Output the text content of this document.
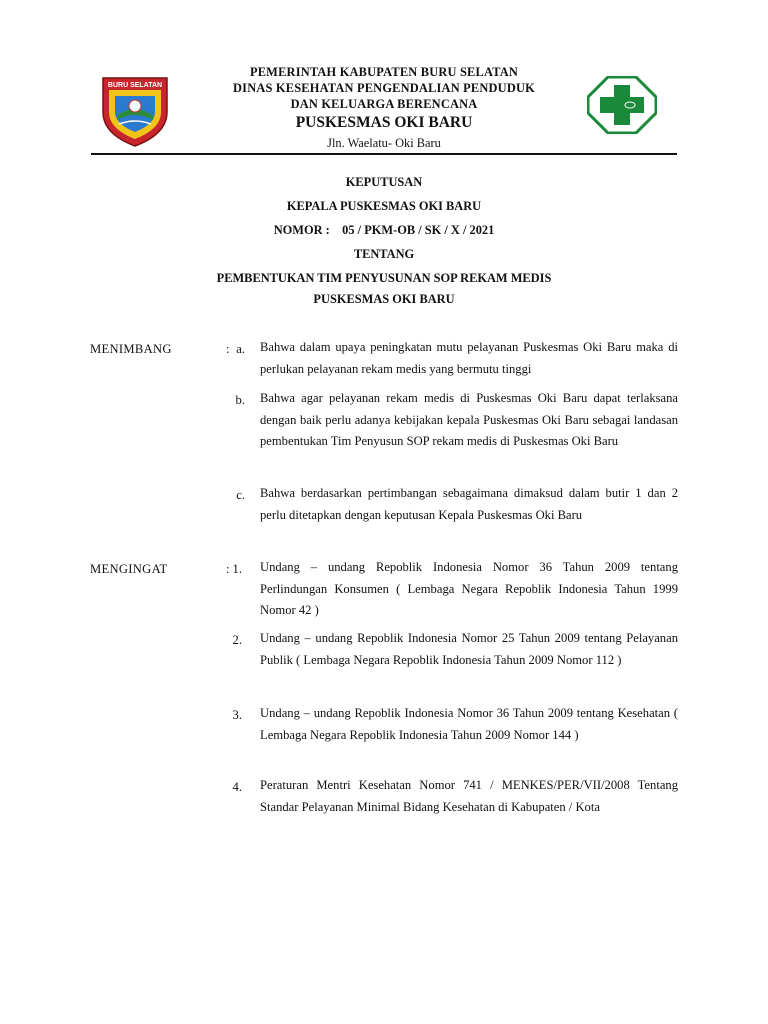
BURU SELATAN
PEMERINTAH KABUPATEN BURU SELATAN
DINAS KESEHATAN PENGENDALIAN PENDUDUK
DAN KELUARGA BERENCANA
PUSKESMAS OKI BARU
Jln. Waelatu- Oki Baru
KEPUTUSAN
KEPALA PUSKESMAS OKI BARU
NOMOR :    05 / PKM-OB / SK / X / 2021
TENTANG
PEMBENTUKAN TIM PENYUSUNAN SOP REKAM MEDIS
PUSKESMAS OKI BARU
MENIMBANG	: a. Bahwa dalam upaya peningkatan mutu pelayanan Puskesmas Oki Baru maka di perlukan pelayanan rekam medis yang bermutu tinggi
b. Bahwa agar pelayanan rekam medis di Puskesmas Oki Baru dapat terlaksana dengan baik perlu adanya kebijakan kepala Puskesmas Oki Baru sebagai landasan pembentukan Tim Penyusun SOP rekam medis di Puskesmas Oki Baru
c. Bahwa berdasarkan pertimbangan sebagaimana dimaksud dalam butir 1 dan 2 perlu ditetapkan dengan keputusan Kepala Puskesmas Oki Baru
MENGINGAT	: 1. Undang – undang Repoblik Indonesia Nomor 36 Tahun 2009 tentang Perlindungan Konsumen ( Lembaga Negara Repoblik Indonesia Tahun 1999 Nomor 42 )
2. Undang – undang Repoblik Indonesia Nomor 25 Tahun 2009 tentang Pelayanan Publik ( Lembaga Negara Repoblik Indonesia Tahun 2009 Nomor 112 )
3. Undang – undang Repoblik Indonesia Nomor 36 Tahun 2009 tentang Kesehatan ( Lembaga Negara Repoblik Indonesia Tahun 2009 Nomor 144 )
4. Peraturan Mentri Kesehatan Nomor 741 / MENKES/PER/VII/2008 Tentang Standar Pelayanan Minimal Bidang Kesehatan di Kabupaten / Kota
